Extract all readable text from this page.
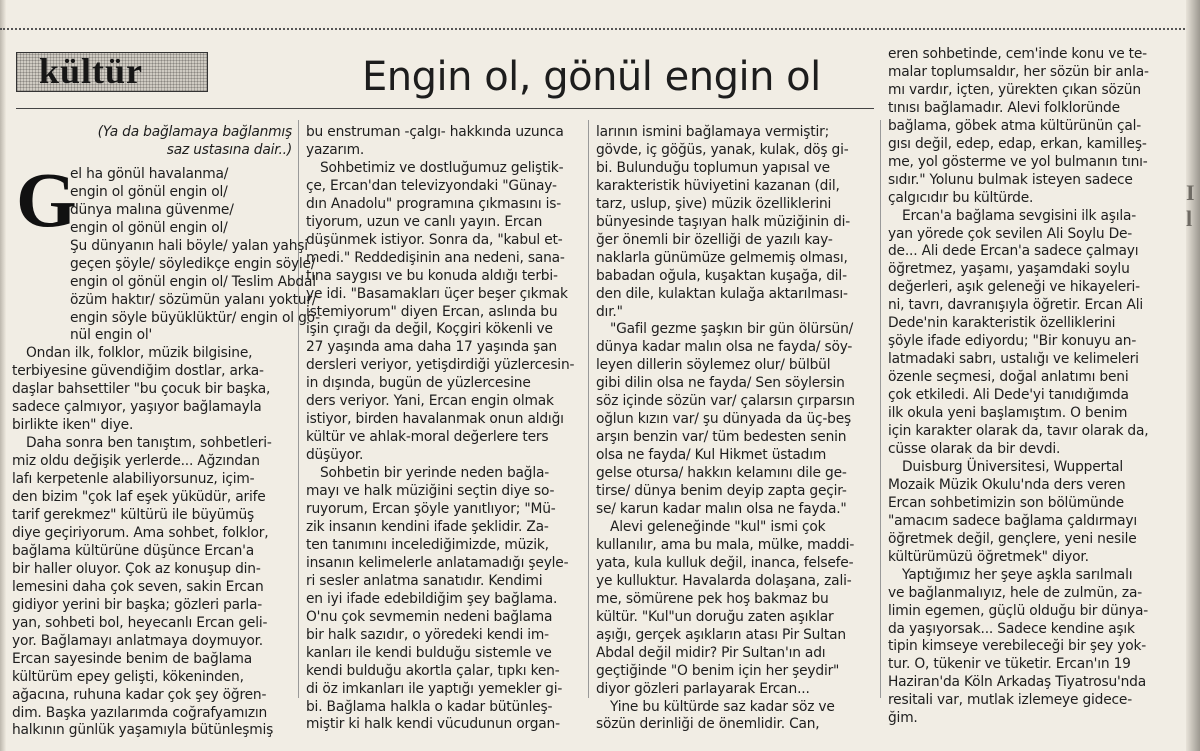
I
l
kültür	Engin ol, gönül engin ol

(Ya da bağlamaya bağlanmış
saz ustasına dair..)

G
el ha gönül havalanma/
engin ol gönül engin ol/
dünya malına güvenme/
engin ol gönül engin ol/
Şu dünyanın hali böyle/ yalan yahşi
geçen şöyle/ söyledikçe engin söyle/
engin ol gönül engin ol/ Teslim Abdal
özüm haktır/ sözümün yalanı yoktur/
engin söyle büyüklüktür/ engin ol gö-
nül engin ol'

Ondan ilk, folklor, müzik bilgisine,
terbiyesine güvendiğim dostlar, arka-
daşlar bahsettiler "bu çocuk bir başka,
sadece çalmıyor, yaşıyor bağlamayla
birlikte iken" diye.

Daha sonra ben tanıştım, sohbetleri-
miz oldu değişik yerlerde... Ağzından
lafı kerpetenle alabiliyorsunuz, içim-
den bizim "çok laf eşek yüküdür, arife
tarif gerekmez" kültürü ile büyümüş
diye geçiriyorum. Ama sohbet, folklor,
bağlama kültürüne düşünce Ercan'a
bir haller oluyor. Çok az konuşup din-
lemesini daha çok seven, sakin Ercan
gidiyor yerini bir başka; gözleri parla-
yan, sohbeti bol, heyecanlı Ercan geli-
yor. Bağlamayı anlatmaya doymuyor.
Ercan sayesinde benim de bağlama
kültürüm epey gelişti, kökeninden,
ağacına, ruhuna kadar çok şey öğren-
dim. Başka yazılarımda coğrafyamızın
halkının günlük yaşamıyla bütünleşmiş

bu enstruman -çalgı- hakkında uzunca
yazarım.

Sohbetimiz ve dostluğumuz geliştik-
çe, Ercan'dan televizyondaki "Günay-
dın Anadolu" programına çıkmasını is-
tiyorum, uzun ve canlı yayın. Ercan
düşünmek istiyor. Sonra da, "kabul et-
medi." Reddedişinin ana nedeni, sana-
tına saygısı ve bu konuda aldığı terbi-
ye idi. "Basamakları üçer beşer çıkmak
istemiyorum" diyen Ercan, aslında bu
işin çırağı da değil, Koçgiri kökenli ve
27 yaşında ama daha 17 yaşında şan
dersleri veriyor, yetişdirdiği yüzlercesin-
in dışında, bugün de yüzlercesine
ders veriyor. Yani, Ercan engin olmak
istiyor, birden havalanmak onun aldığı
kültür ve ahlak-moral değerlere ters
düşüyor.

Sohbetin bir yerinde neden bağla-
mayı ve halk müziğini seçtin diye so-
ruyorum, Ercan şöyle yanıtlıyor; "Mü-
zik insanın kendini ifade şeklidir. Za-
ten tanımını incelediğimizde, müzik,
insanın kelimelerle anlatamadığı şeyle-
ri sesler anlatma sanatıdır. Kendimi
en iyi ifade edebildiğim şey bağlama.
O'nu çok sevmemin nedeni bağlama
bir halk sazıdır, o yöredeki kendi im-
kanları ile kendi bulduğu sistemle ve
kendi bulduğu akortla çalar, tıpkı ken-
di öz imkanları ile yaptığı yemekler gi-
bi. Bağlama halkla o kadar bütünleş-
miştir ki halk kendi vücudunun organ-

larının ismini bağlamaya vermiştir;
gövde, iç göğüs, yanak, kulak, döş gi-
bi. Bulunduğu toplumun yapısal ve
karakteristik hüviyetini kazanan (dil,
tarz, uslup, şive) müzik özelliklerini
bünyesinde taşıyan halk müziğinin di-
ğer önemli bir özelliği de yazılı kay-
naklarla günümüze gelmemiş olması,
babadan oğula, kuşaktan kuşağa, dil-
den dile, kulaktan kulağa aktarılması-
dır."

"Gafil gezme şaşkın bir gün ölürsün/
dünya kadar malın olsa ne fayda/ söy-
leyen dillerin söylemez olur/ bülbül
gibi dilin olsa ne fayda/ Sen söylersin
söz içinde sözün var/ çalarsın çırparsın
oğlun kızın var/ şu dünyada da üç-beş
arşın benzin var/ tüm bedesten senin
olsa ne fayda/ Kul Hikmet üstadım
gelse otursa/ hakkın kelamını dile ge-
tirse/ dünya benim deyip zapta geçir-
se/ karun kadar malın olsa ne fayda."

Alevi geleneğinde "kul" ismi çok
kullanılır, ama bu mala, mülke, maddi-
yata, kula kulluk değil, inanca, felsefe-
ye kulluktur. Havalarda dolaşana, zali-
me, sömürene pek hoş bakmaz bu
kültür. "Kul"un doruğu zaten aşıklar
aşığı, gerçek aşıkların atası Pir Sultan
Abdal değil midir? Pir Sultan'ın adı
geçtiğinde "O benim için her şeydir"
diyor gözleri parlayarak Ercan...

Yine bu kültürde saz kadar söz ve
sözün derinliği de önemlidir. Can,

eren sohbetinde, cem'inde konu ve te-
malar toplumsaldır, her sözün bir anla-
mı vardır, içten, yürekten çıkan sözün
tınısı bağlamadır. Alevi folkloründe
bağlama, göbek atma kültürünün çal-
gısı değil, edep, edap, erkan, kamilleş-
me, yol gösterme ve yol bulmanın tını-
sıdır." Yolunu bulmak isteyen sadece
çalgıcıdır bu kültürde.

Ercan'a bağlama sevgisini ilk aşıla-
yan yörede çok sevilen Ali Soylu De-
de... Ali dede Ercan'a sadece çalmayı
öğretmez, yaşamı, yaşamdaki soylu
değerleri, aşık geleneği ve hikayeleri-
ni, tavrı, davranışıyla öğretir. Ercan Ali
Dede'nin karakteristik özelliklerini
şöyle ifade ediyordu; "Bir konuyu an-
latmadaki sabrı, ustalığı ve kelimeleri
özenle seçmesi, doğal anlatımı beni
çok etkiledi. Ali Dede'yi tanıdığımda
ilk okula yeni başlamıştım. O benim
için karakter olarak da, tavır olarak da,
cüsse olarak da bir devdi.

Duisburg Üniversitesi, Wuppertal
Mozaik Müzik Okulu'nda ders veren
Ercan sohbetimizin son bölümünde
"amacım sadece bağlama çaldırmayı
öğretmek değil, gençlere, yeni nesile
kültürümüzü öğretmek" diyor.

Yaptığımız her şeye aşkla sarılmalı
ve bağlanmalıyız, hele de zulmün, za-
limin egemen, güçlü olduğu bir dünya-
da yaşıyorsak... Sadece kendine aşık
tipin kimseye verebileceği bir şey yok-
tur. O, tükenir ve tüketir. Ercan'ın 19
Haziran'da Köln Arkadaş Tiyatrosu'nda
resitali var, mutlak izlemeye gidece-
ğim.
